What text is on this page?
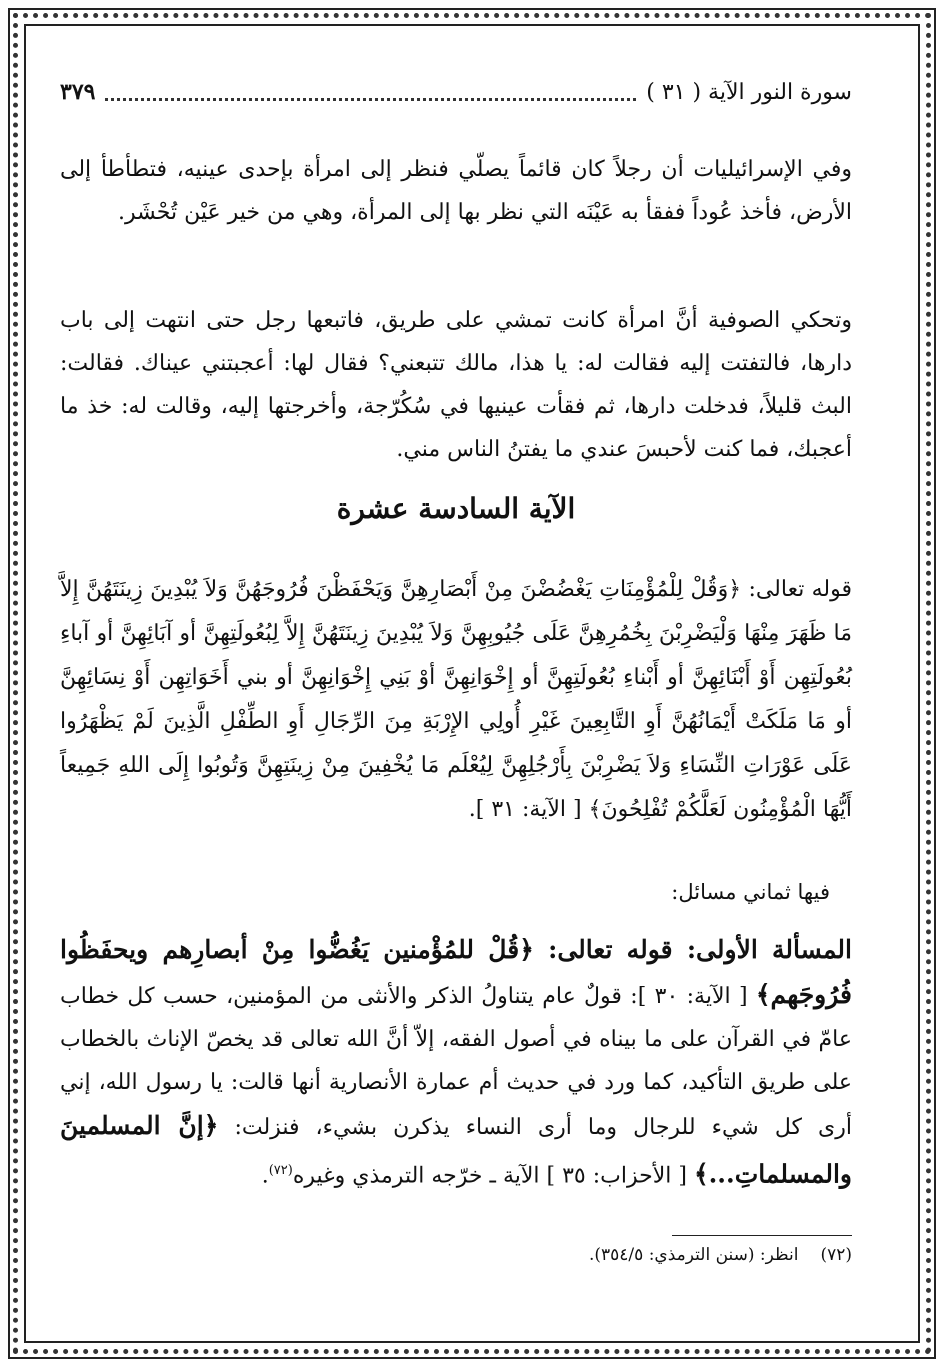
سورة النور الآية ( ٣١ )
٣٧٩

وفي الإسرائيليات أن رجلاً كان قائماً يصلّي فنظر إلى امرأة بإحدى عينيه، فتطأطأ إلى الأرض، فأخذ عُوداً ففقأ به عَيْنَه التي نظر بها إلى المرأة، وهي من خير عَيْن تُحْشَر.

وتحكي الصوفية أنَّ امرأة كانت تمشي على طريق، فاتبعها رجل حتى انتهت إلى باب دارها، فالتفتت إليه فقالت له: يا هذا، مالك تتبعني؟ فقال لها: أعجبتني عيناك. فقالت: البث قليلاً، فدخلت دارها، ثم فقأت عينيها في سُكُرّجة، وأخرجتها إليه، وقالت له: خذ ما أعجبك، فما كنت لأحبسَ عندي ما يفتنُ الناس مني.

الآية السادسة عشرة

قوله تعالى: ﴿وَقُلْ لِلْمُؤْمِنَاتِ يَغْضُضْنَ مِنْ أَبْصَارِهِنَّ وَيَحْفَظْنَ فُرُوجَهُنَّ وَلاَ يُبْدِينَ زِينَتَهُنَّ إِلاَّ مَا ظَهَرَ مِنْهَا وَلْيَضْرِبْنَ بِخُمُرِهِنَّ عَلَى جُيُوبِهِنَّ وَلاَ يُبْدِينَ زِينَتَهُنَّ إِلاَّ لِبُعُولَتِهِنَّ أو آبَائِهِنَّ أو آباءِ بُعُولَتِهِن أَوْ أَبْنَائِهِنَّ أو أَبْناءِ بُعُولَتِهِنَّ أو إِخْوَانِهِنَّ أوْ بَنِي إِخْوَانِهِنَّ أو بني أَخَوَاتِهِن أَوْ نِسَائِهِنَّ أو مَا مَلَكَتْ أَيْمَانُهُنَّ أَوِ التَّابِعِينَ غَيْرِ أُولِي الإِرْبَةِ مِنَ الرِّجَالِ أَوِ الطِّفْلِ الَّذِينَ لَمْ يَظْهَرُوا عَلَى عَوْرَاتِ النِّسَاءِ وَلاَ يَضْرِبْنَ بِأَرْجُلِهِنَّ لِيُعْلَم مَا يُخْفِينَ مِنْ زِينَتِهِنَّ وَتُوبُوا إِلَى اللهِ جَمِيعاً أَيُّهَا الْمُؤْمِنُون لَعَلَّكُمْ تُفْلِحُونَ﴾ [ الآية: ٣١ ].

فيها ثماني مسائل:

المسألة الأولى: قوله تعالى: ﴿قُلْ للمُؤْمنين يَغُضُّوا مِنْ أبصارِهم ويحفَظُوا فُرُوجَهم﴾ [ الآية: ٣٠ ]: قولٌ عام يتناولُ الذكر والأنثى من المؤمنين، حسب كل خطاب عامّ في القرآن على ما بيناه في أصول الفقه، إلاّ أنَّ الله تعالى قد يخصّ الإناث بالخطاب على طريق التأكيد، كما ورد في حديث أم عمارة الأنصارية أنها قالت: يا رسول الله، إني أرى كل شيء للرجال وما أرى النساء يذكرن بشيء، فنزلت: ﴿إنَّ المسلمينَ والمسلماتِ...﴾ [ الأحزاب: ٣٥ ] الآية ـ خرّجه الترمذي وغيره$^{(٧٢)}$.

(٧٢)انظر: (سنن الترمذي: ٣٥٤/٥).
